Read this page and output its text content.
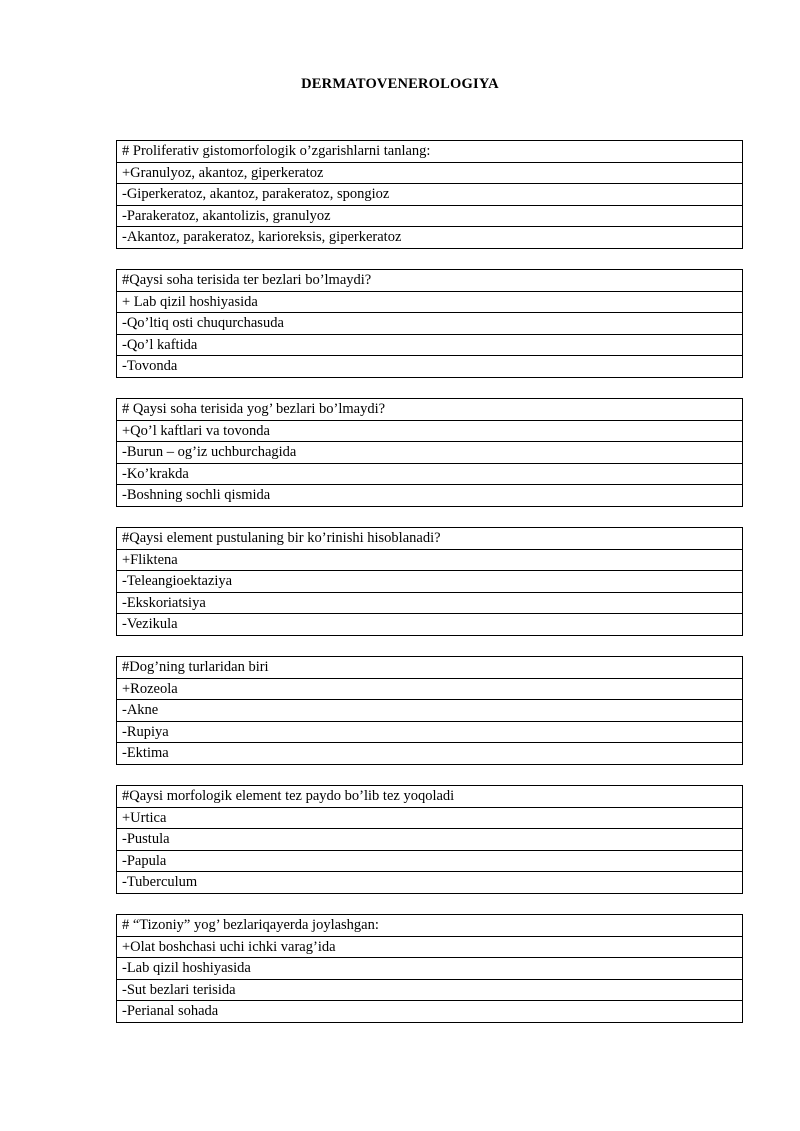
DERMATOVENEROLOGIYA
# Proliferativ gistomorfologik o’zgarishlarni tanlang:
+Granulyoz, akantoz, giperkeratoz
-Giperkeratoz, akantoz, parakeratoz, spongioz
-Parakeratoz, akantolizis, granulyoz
-Akantoz, parakeratoz, karioreksis, giperkeratoz
#Qaysi soha terisida ter bezlari bo’lmaydi?
+ Lab qizil hoshiyasida
-Qo’ltiq osti chuqurchasuda
-Qo’l kaftida
-Tovonda
# Qaysi soha terisida yog’ bezlari bo’lmaydi?
+Qo’l kaftlari va tovonda
-Burun – og’iz uchburchagida
-Ko’krakda
-Boshning sochli qismida
#Qaysi element pustulaning bir ko’rinishi hisoblanadi?
+Fliktena
-Teleangioektaziya
-Ekskoriatsiya
-Vezikula
#Dog’ning turlaridan biri
+Rozeola
-Akne
-Rupiya
-Ektima
#Qaysi morfologik element tez paydo bo’lib tez yoqoladi
+Urtica
-Pustula
-Papula
-Tuberculum
# “Tizoniy” yog’ bezlariqayerda joylashgan:
+Olat boshchasi uchi ichki varag’ida
-Lab qizil hoshiyasida
-Sut bezlari terisida
-Perianal sohada
